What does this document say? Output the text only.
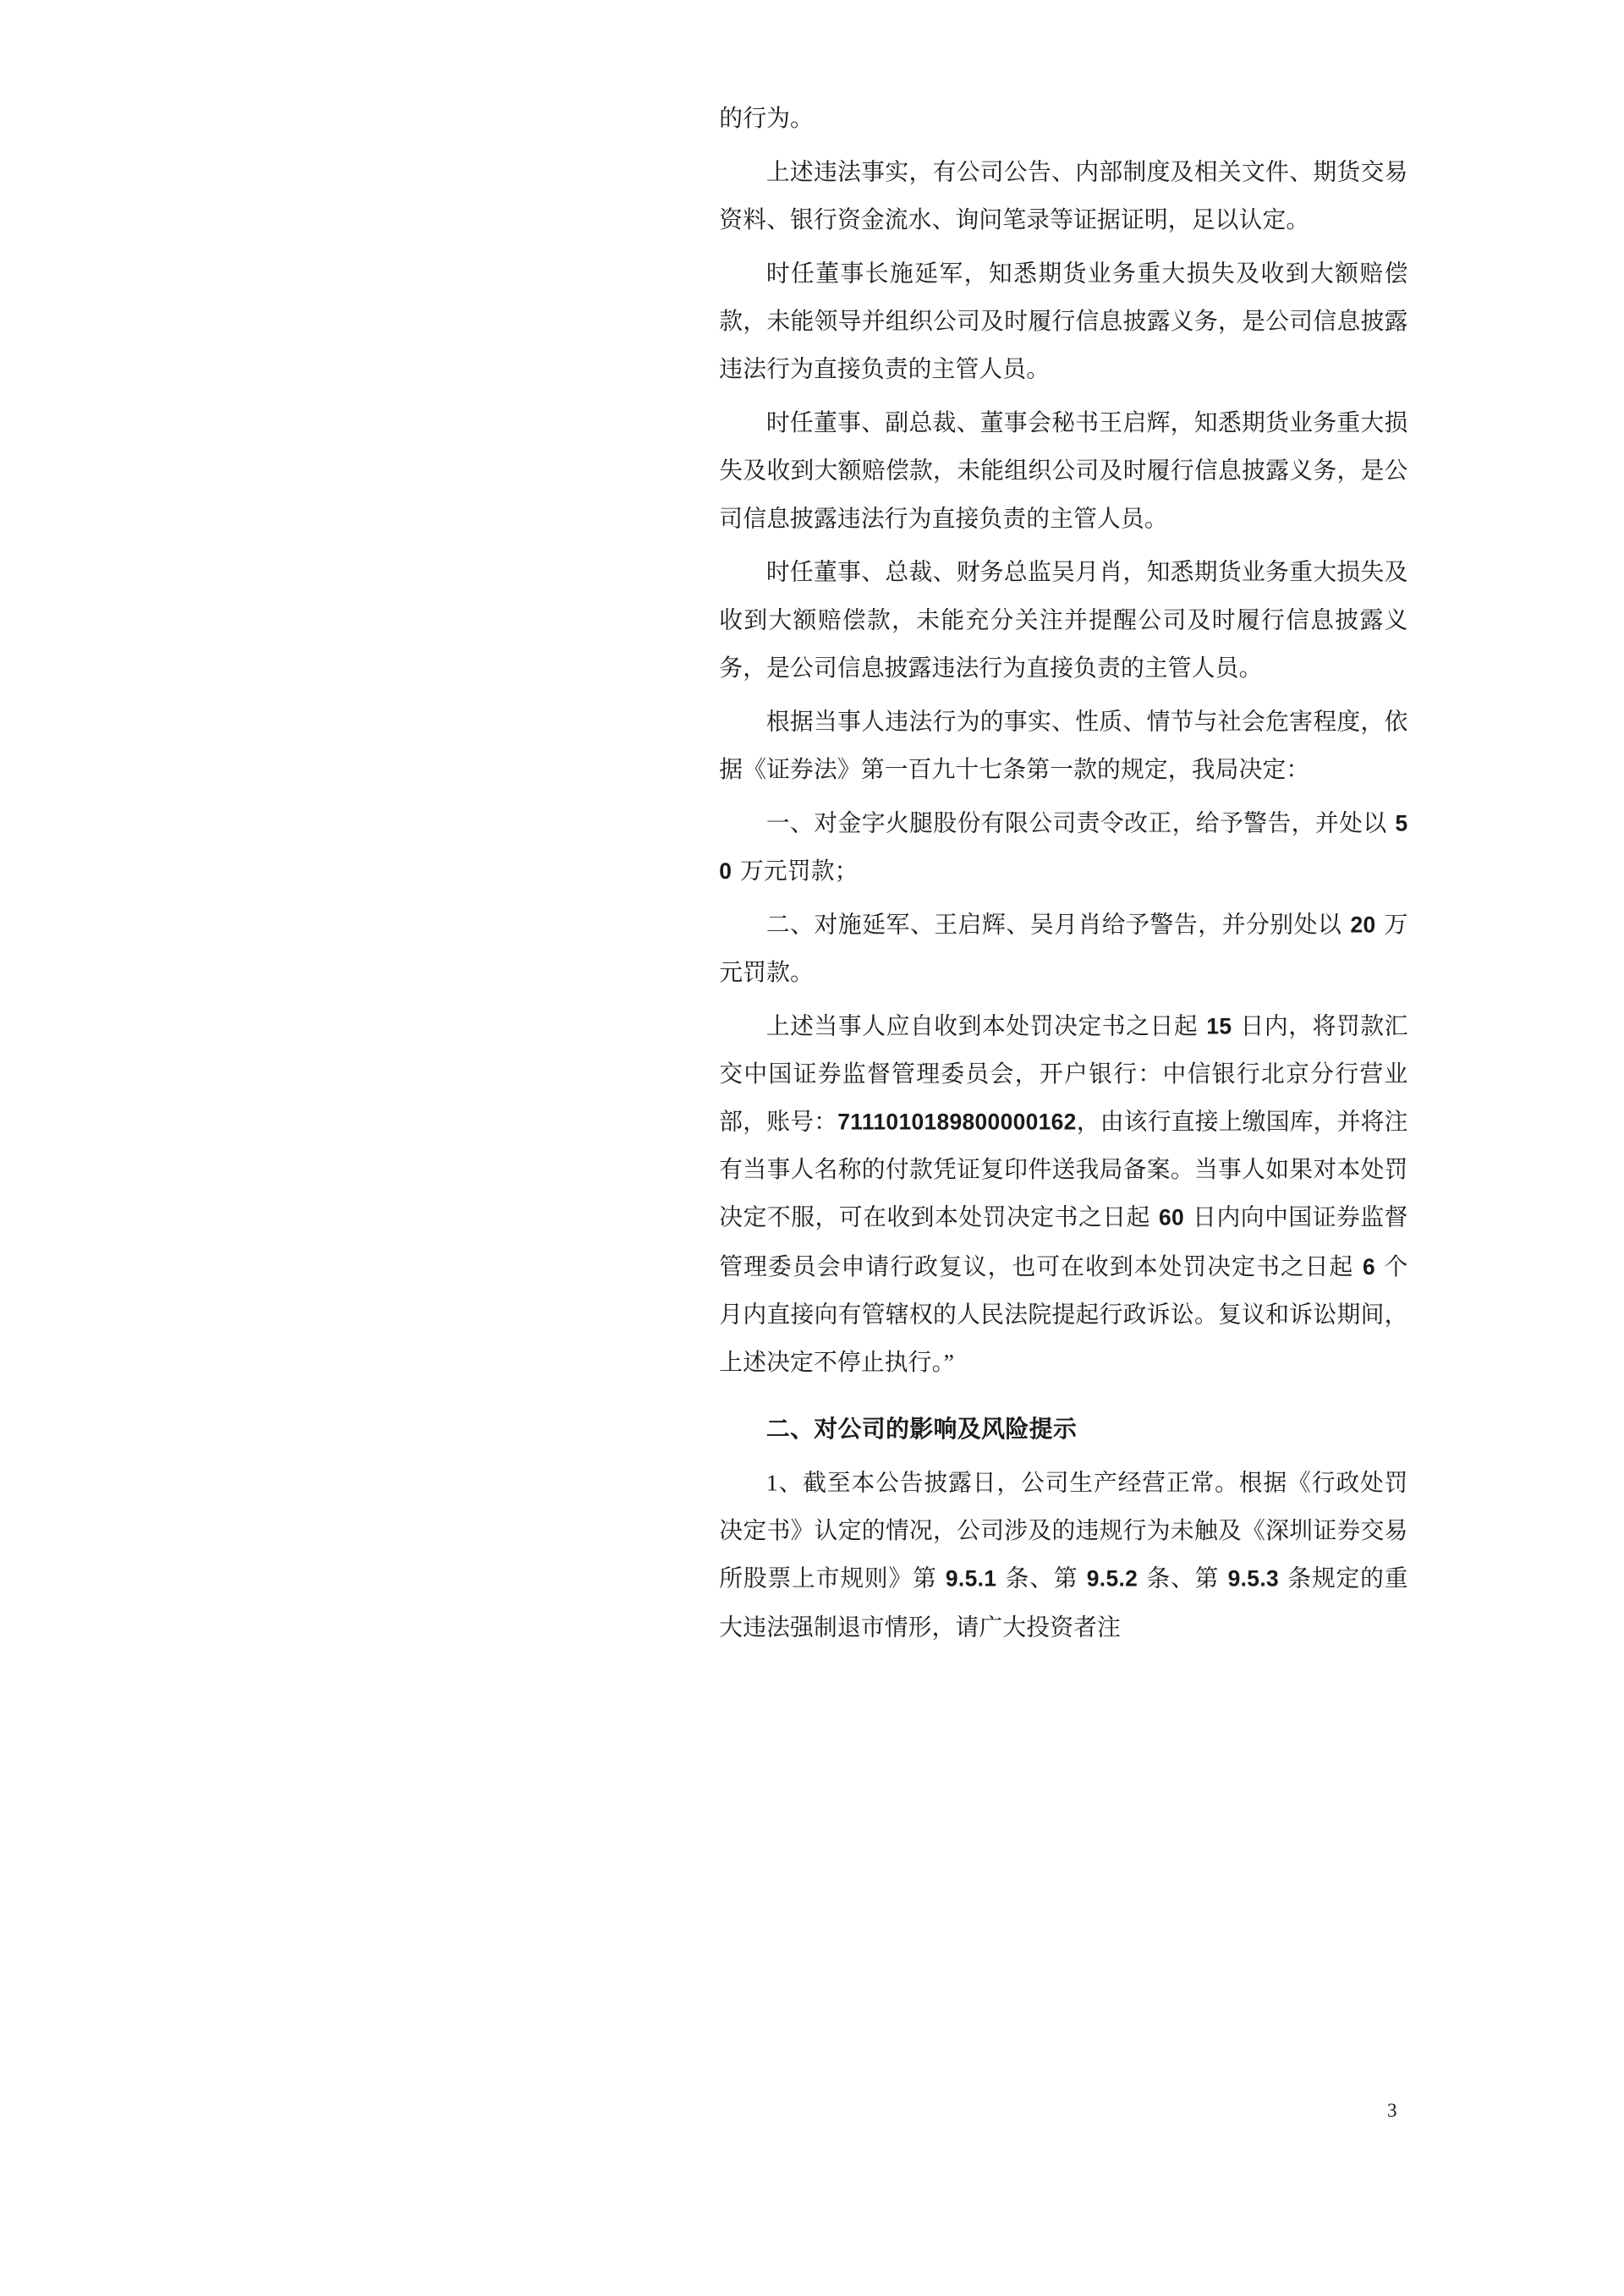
的行为。

上述违法事实，有公司公告、内部制度及相关文件、期货交易资料、银行资金流水、询问笔录等证据证明，足以认定。

时任董事长施延军，知悉期货业务重大损失及收到大额赔偿款，未能领导并组织公司及时履行信息披露义务，是公司信息披露违法行为直接负责的主管人员。

时任董事、副总裁、董事会秘书王启辉，知悉期货业务重大损失及收到大额赔偿款，未能组织公司及时履行信息披露义务，是公司信息披露违法行为直接负责的主管人员。

时任董事、总裁、财务总监吴月肖，知悉期货业务重大损失及收到大额赔偿款，未能充分关注并提醒公司及时履行信息披露义务，是公司信息披露违法行为直接负责的主管人员。

根据当事人违法行为的事实、性质、情节与社会危害程度，依据《证券法》第一百九十七条第一款的规定，我局决定：

一、对金字火腿股份有限公司责令改正，给予警告，并处以 50 万元罚款；

二、对施延军、王启辉、吴月肖给予警告，并分别处以 20 万元罚款。

上述当事人应自收到本处罚决定书之日起 15 日内，将罚款汇交中国证券监督管理委员会，开户银行：中信银行北京分行营业部，账号：7111010189800000162，由该行直接上缴国库，并将注有当事人名称的付款凭证复印件送我局备案。当事人如果对本处罚决定不服，可在收到本处罚决定书之日起 60 日内向中国证券监督管理委员会申请行政复议，也可在收到本处罚决定书之日起 6 个月内直接向有管辖权的人民法院提起行政诉讼。复议和诉讼期间，上述决定不停止执行。”

二、对公司的影响及风险提示

1、截至本公告披露日，公司生产经营正常。根据《行政处罚决定书》认定的情况，公司涉及的违规行为未触及《深圳证券交易所股票上市规则》第 9.5.1 条、第 9.5.2 条、第 9.5.3 条规定的重大违法强制退市情形，请广大投资者注

3
